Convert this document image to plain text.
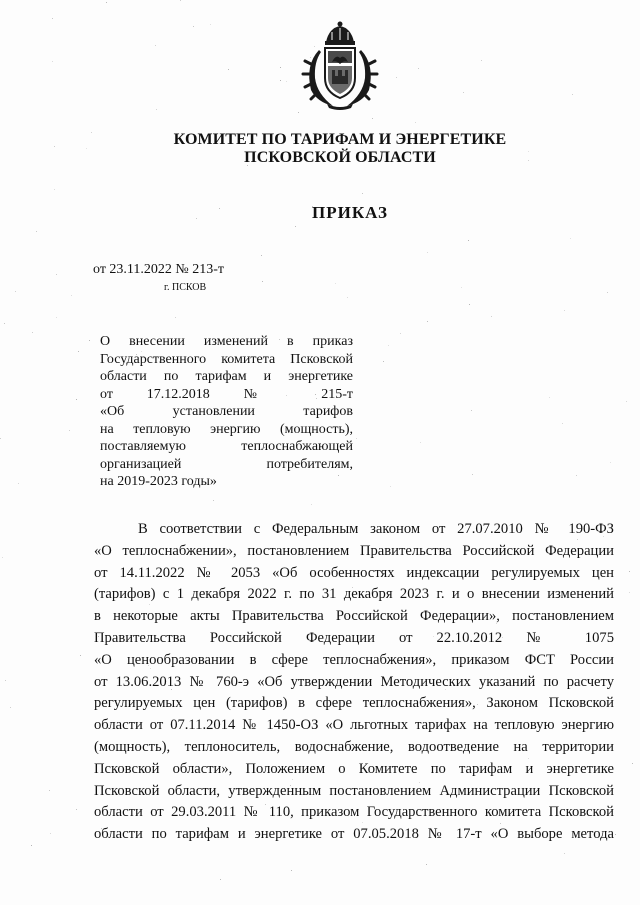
КОМИТЕТ ПО ТАРИФАМ И ЭНЕРГЕТИКЕ
ПСКОВСКОЙ ОБЛАСТИ
ПРИКАЗ
от 23.11.2022 № 213-т
г. ПСКОВ
О внесении изменений в приказ
Государственного комитета Псковской
области по тарифам и энергетике
от 17.12.2018 № 215-т
«Об установлении тарифов
на тепловую энергию (мощность),
поставляемую теплоснабжающей
организацией потребителям,
на 2019-2023 годы»
В соответствии с Федеральным законом от 27.07.2010 № 190-ФЗ
«О теплоснабжении», постановлением Правительства Российской Федерации
от 14.11.2022 № 2053 «Об особенностях индексации регулируемых цен
(тарифов) с 1 декабря 2022 г. по 31 декабря 2023 г. и о внесении изменений
в некоторые акты Правительства Российской Федерации», постановлением
Правительства Российской Федерации от 22.10.2012 № 1075
«О ценообразовании в сфере теплоснабжения», приказом ФСТ России
от 13.06.2013 № 760-э «Об утверждении Методических указаний по расчету
регулируемых цен (тарифов) в сфере теплоснабжения», Законом Псковской
области от 07.11.2014 № 1450-ОЗ «О льготных тарифах на тепловую энергию
(мощность), теплоноситель, водоснабжение, водоотведение на территории
Псковской области», Положением о Комитете по тарифам и энергетике
Псковской области, утвержденным постановлением Администрации Псковской
области от 29.03.2011 № 110, приказом Государственного комитета Псковской
области по тарифам и энергетике от 07.05.2018 № 17-т «О выборе метода
